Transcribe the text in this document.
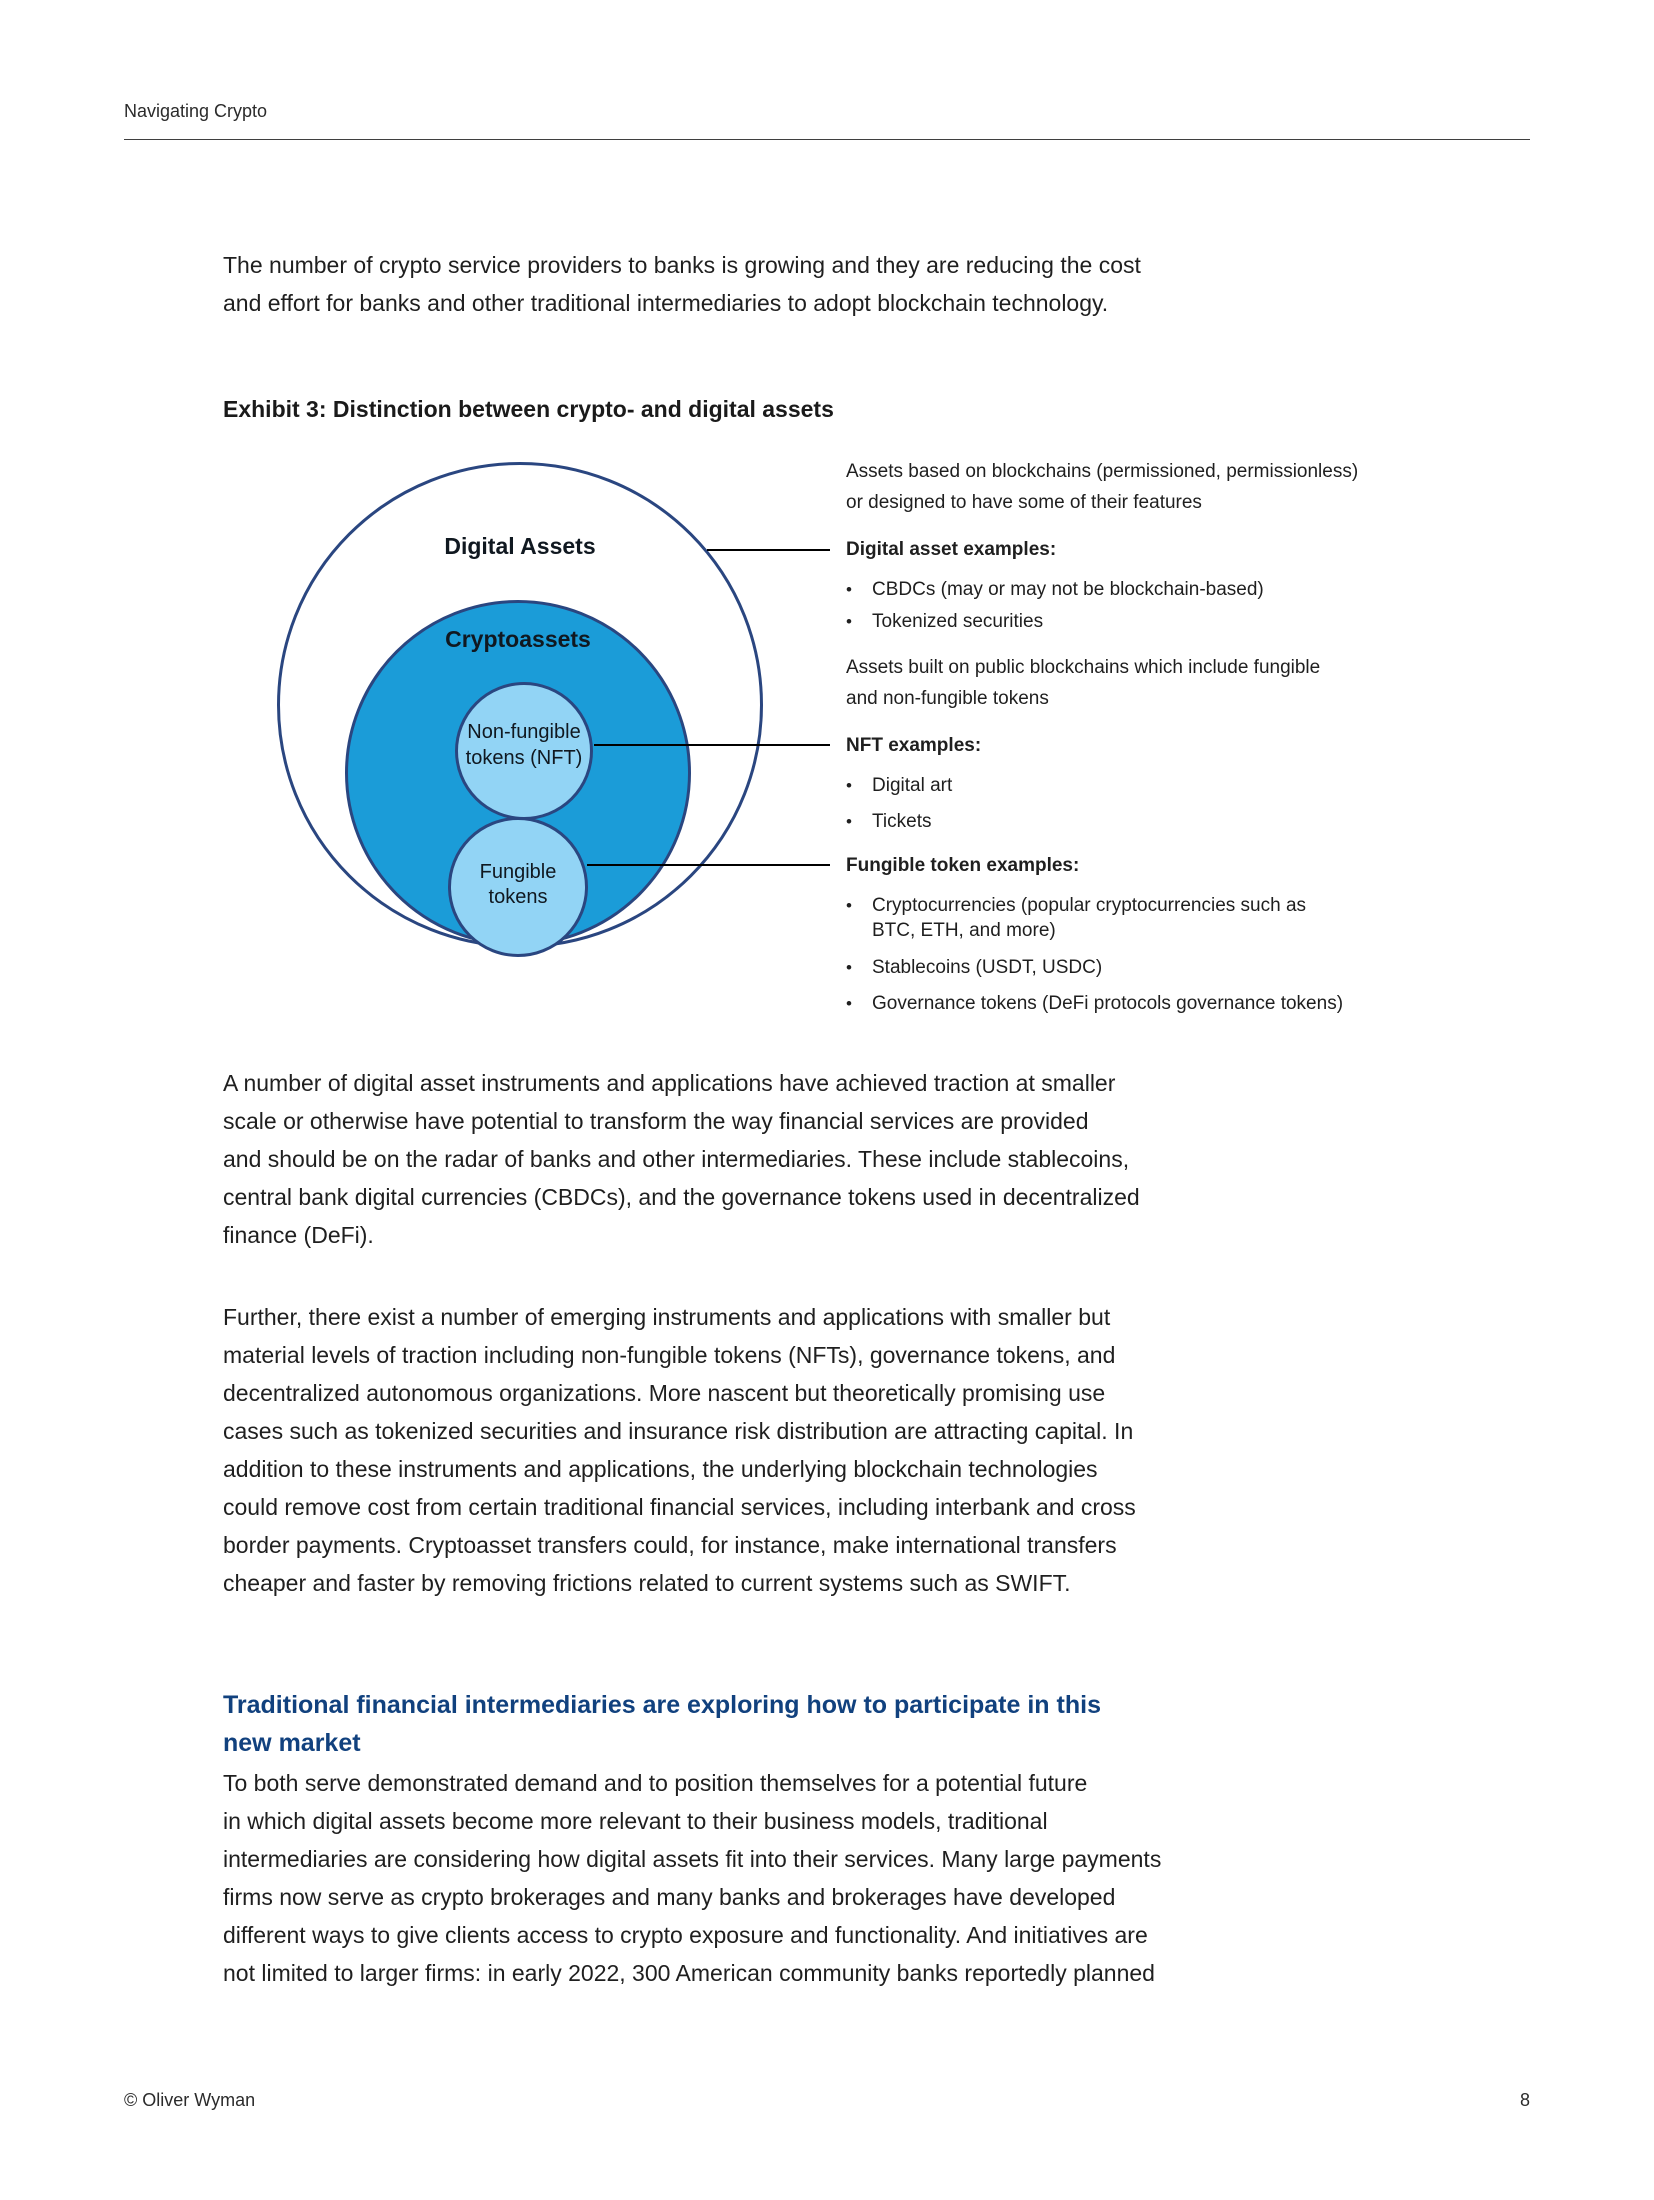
Navigating Crypto
The number of crypto service providers to banks is growing and they are reducing the cost
and effort for banks and other traditional intermediaries to adopt blockchain technology.
Exhibit 3: Distinction between crypto- and digital assets
Digital Assets
Cryptoassets
Non-fungible
tokens (NFT)
Fungible
tokens
Assets based on blockchains (permissioned, permissionless)
or designed to have some of their features
Digital asset examples:
• CBDCs (may or may not be blockchain-based)
• Tokenized securities
Assets built on public blockchains which include fungible
and non-fungible tokens
NFT examples:
• Digital art
• Tickets
Fungible token examples:
• Cryptocurrencies (popular cryptocurrencies such as
BTC, ETH, and more)
• Stablecoins (USDT, USDC)
• Governance tokens (DeFi protocols governance tokens)
A number of digital asset instruments and applications have achieved traction at smaller
scale or otherwise have potential to transform the way financial services are provided
and should be on the radar of banks and other intermediaries. These include stablecoins,
central bank digital currencies (CBDCs), and the governance tokens used in decentralized
finance (DeFi).
Further, there exist a number of emerging instruments and applications with smaller but
material levels of traction including non-fungible tokens (NFTs), governance tokens, and
decentralized autonomous organizations. More nascent but theoretically promising use
cases such as tokenized securities and insurance risk distribution are attracting capital. In
addition to these instruments and applications, the underlying blockchain technologies
could remove cost from certain traditional financial services, including interbank and cross
border payments. Cryptoasset transfers could, for instance, make international transfers
cheaper and faster by removing frictions related to current systems such as SWIFT.
Traditional financial intermediaries are exploring how to participate in this
new market
To both serve demonstrated demand and to position themselves for a potential future
in which digital assets become more relevant to their business models, traditional
intermediaries are considering how digital assets fit into their services. Many large payments
firms now serve as crypto brokerages and many banks and brokerages have developed
different ways to give clients access to crypto exposure and functionality. And initiatives are
not limited to larger firms: in early 2022, 300 American community banks reportedly planned
© Oliver Wyman	8
